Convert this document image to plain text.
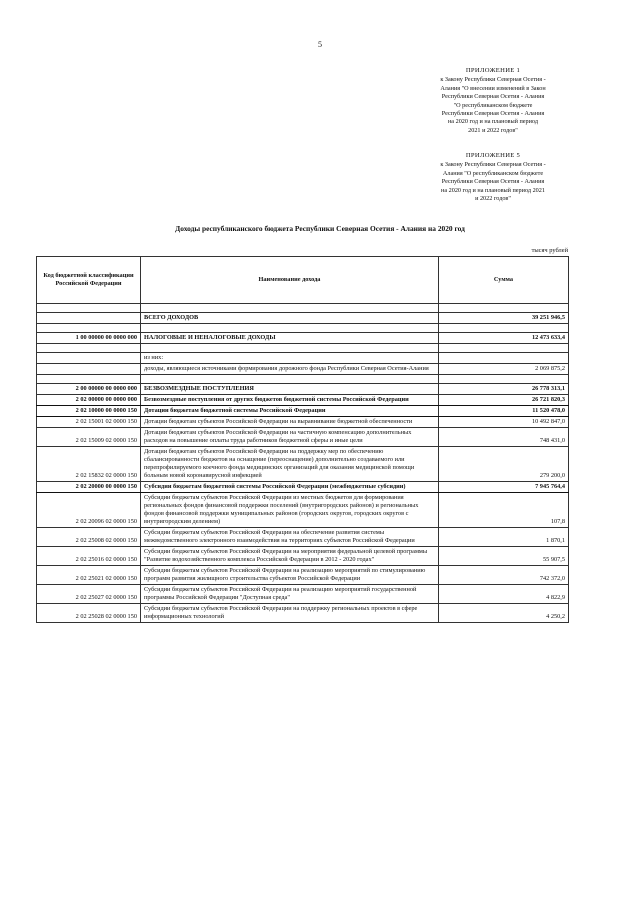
5
ПРИЛОЖЕНИЕ 1
к Закону Республики Северная Осетия -
Алания "О внесении изменений в Закон
Республики Северная Осетия - Алания
"О республиканском бюджете
Республики Северная Осетия - Алания
на 2020 год и на плановый период
2021 и 2022 годов"
ПРИЛОЖЕНИЕ 5
к Закону Республики Северная Осетия -
Алания "О республиканском бюджете
Республики Северная Осетия - Алания
на 2020 год и на плановый период 2021
и 2022 годов"
Доходы республиканского бюджета Республики Северная Осетия - Алания на 2020 год
тысяч рублей
Код бюджетной классификации Российской Федерации	Наименование дохода	Сумма

	ВСЕГО ДОХОДОВ	39 251 946,5

1 00 00000 00 0000 000	НАЛОГОВЫЕ И НЕНАЛОГОВЫЕ ДОХОДЫ	12 473 633,4

	из них:	
	доходы, являющиеся источниками формирования дорожного фонда Республики Северная Осетия-Алания	2 069 875,2

2 00 00000 00 0000 000	БЕЗВОЗМЕЗДНЫЕ ПОСТУПЛЕНИЯ	26 778 313,1
2 02 00000 00 0000 000	Безвозмездные поступления от других бюджетов бюджетной системы Российской Федерации	26 721 820,3
2 02 10000 00 0000 150	Дотации бюджетам бюджетной системы Российской Федерации	11 520 478,0
2 02 15001 02 0000 150	Дотации бюджетам субъектов Российской Федерации на выравнивание бюджетной обеспеченности	10 492 847,0
2 02 15009 02 0000 150	Дотации бюджетам субъектов Российской Федерации на частичную компенсацию дополнительных расходов на повышение оплаты труда работников бюджетной сферы и иные цели	748 431,0
2 02 15832 02 0000 150	Дотации бюджетам субъектов Российской Федерации на поддержку мер по обеспечению сбалансированности бюджетов на оснащение (переоснащение) дополнительно создаваемого или перепрофилируемого коечного фонда медицинских организаций для оказания медицинской помощи больным новой коронавирусной инфекцией	279 200,0
2 02 20000 00 0000 150	Субсидии бюджетам бюджетной системы Российской Федерации (межбюджетные субсидии)	7 945 764,4
2 02 20096 02 0000 150	Субсидии бюджетам субъектов Российской Федерации из местных бюджетов для формирования региональных фондов финансовой поддержки поселений (внутригородских районов) и региональных фондов финансовой поддержки муниципальных районов (городских округов, городских округов с внутригородским делением)	107,8
2 02 25008 02 0000 150	Субсидии бюджетам субъектов Российской Федерации на обеспечение развития системы межведомственного электронного взаимодействия на территориях субъектов Российской Федерации	1 870,1
2 02 25016 02 0000 150	Субсидии бюджетам субъектов Российской Федерации на мероприятия федеральной целевой программы "Развитие водохозяйственного комплекса Российской Федерации в 2012 - 2020 годах"	55 907,5
2 02 25021 02 0000 150	Субсидии бюджетам субъектов Российской Федерации на реализацию мероприятий по стимулированию программ развития жилищного строительства субъектов Российской Федерации	742 372,0
2 02 25027 02 0000 150	Субсидии бюджетам субъектов Российской Федерации на реализацию мероприятий государственной программы Российской Федерации "Доступная среда"	4 822,9
2 02 25028 02 0000 150	Субсидии бюджетам субъектов Российской Федерации на поддержку региональных проектов в сфере информационных технологий	4 250,2
